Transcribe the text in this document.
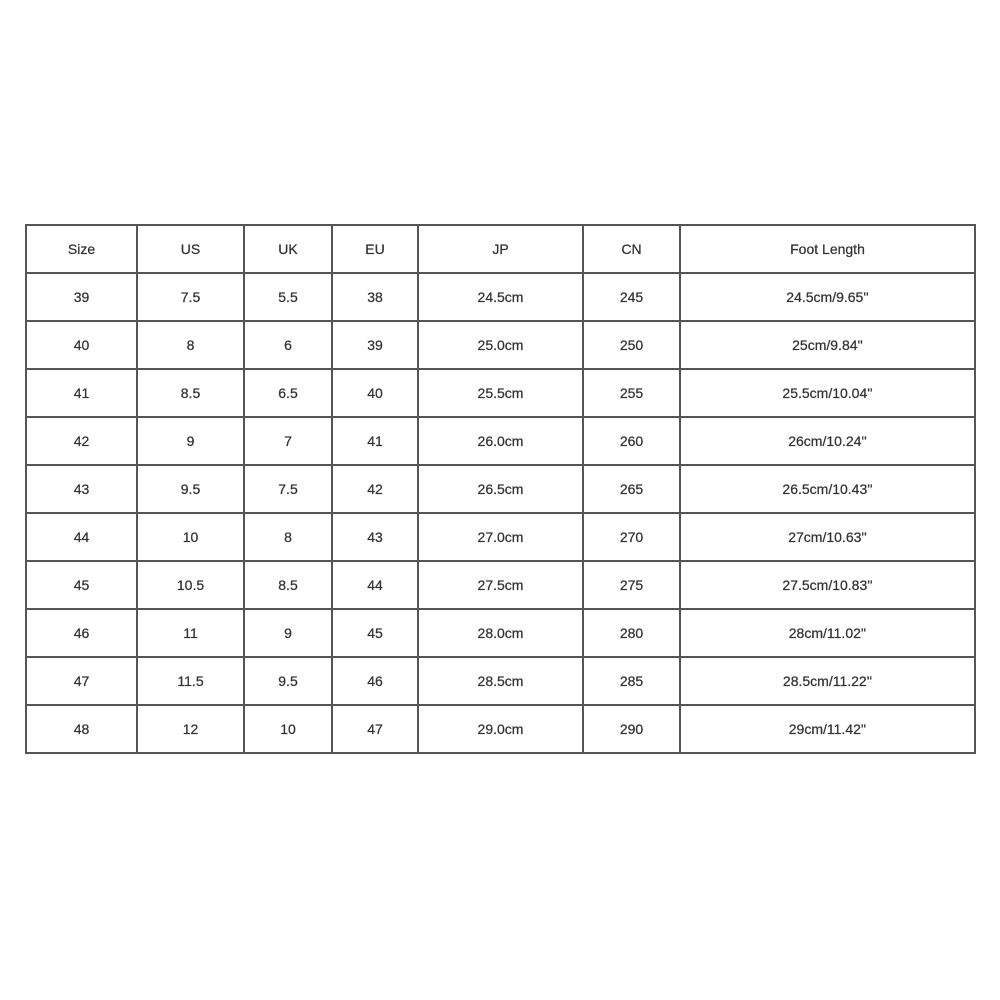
Size	US	UK	EU	JP	CN	Foot Length
39	7.5	5.5	38	24.5cm	245	24.5cm/9.65''
40	8	6	39	25.0cm	250	25cm/9.84''
41	8.5	6.5	40	25.5cm	255	25.5cm/10.04''
42	9	7	41	26.0cm	260	26cm/10.24''
43	9.5	7.5	42	26.5cm	265	26.5cm/10.43''
44	10	8	43	27.0cm	270	27cm/10.63''
45	10.5	8.5	44	27.5cm	275	27.5cm/10.83''
46	11	9	45	28.0cm	280	28cm/11.02''
47	11.5	9.5	46	28.5cm	285	28.5cm/11.22''
48	12	10	47	29.0cm	290	29cm/11.42''
